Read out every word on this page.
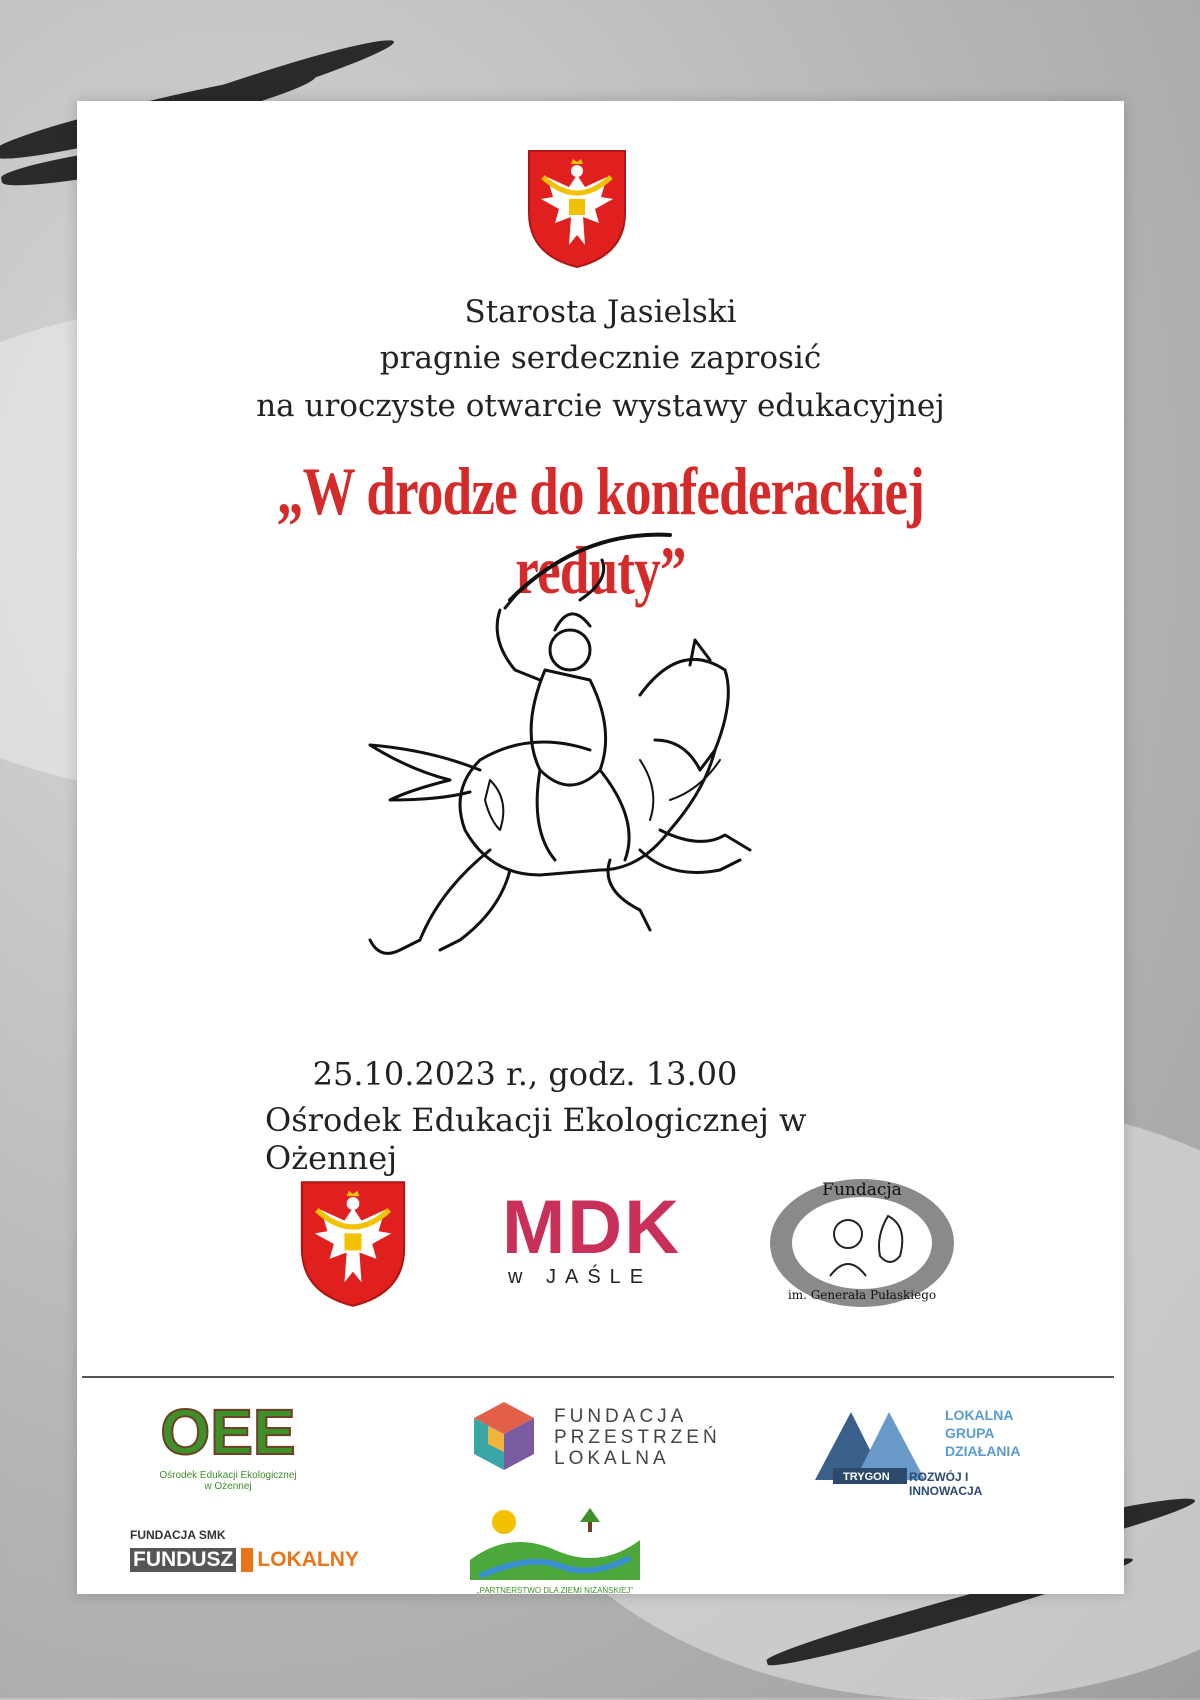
Starosta Jasielski
pragnie serdecznie zaprosić
na uroczyste otwarcie wystawy edukacyjnej
„W drodze do konfederackiej reduty”
25.10.2023 r., godz. 13.00
Ośrodek Edukacji Ekologicznej w Ożennej
MDK
w JAŚLE
Fundacja
im. Generała Pułaskiego
OEE
Ośrodek Edukacji Ekologicznej
w Ożennej
FUNDACJA
PRZESTRZEŃ
LOKALNA
TRYGON
LOKALNA
GRUPA
DZIAŁANIA
ROZWÓJ I INNOWACJA
FUNDACJA SMK
FUNDUSZ LOKALNY
„PARTNERSTWO DLA ZIEMI NIŻAŃSKIEJ”
